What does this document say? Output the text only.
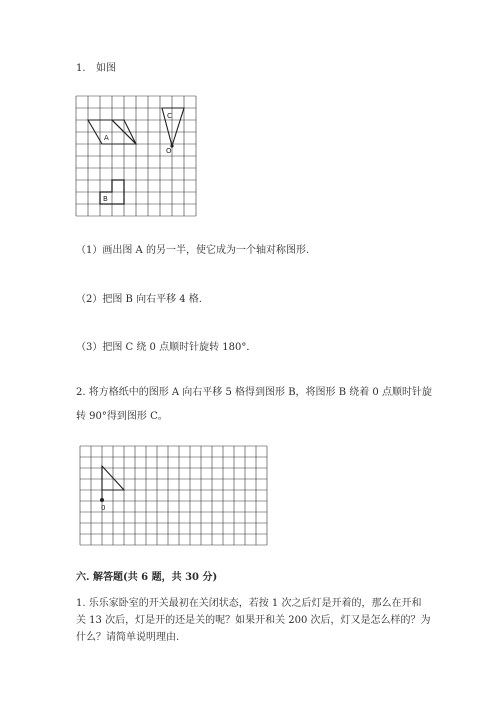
1. 如图
A
C
O
B
（1）画出图 A 的另一半，使它成为一个轴对称图形.
（2）把图 B 向右平移 4 格.
（3）把图 C 绕 0 点顺时针旋转 180°．
2. 将方格纸中的图形 A 向右平移 5 格得到图形 B，将图形 B 绕着 0 点顺时针旋
转 90°得到图形 C。
0
六. 解答题(共 6 题，共 30 分)
1. 乐乐家卧室的开关最初在关闭状态，若按 1 次之后灯是开着的，那么在开和
关 13 次后，灯是开的还是关的呢？如果开和关 200 次后，灯又是怎么样的？为
什么？请简单说明理由.
